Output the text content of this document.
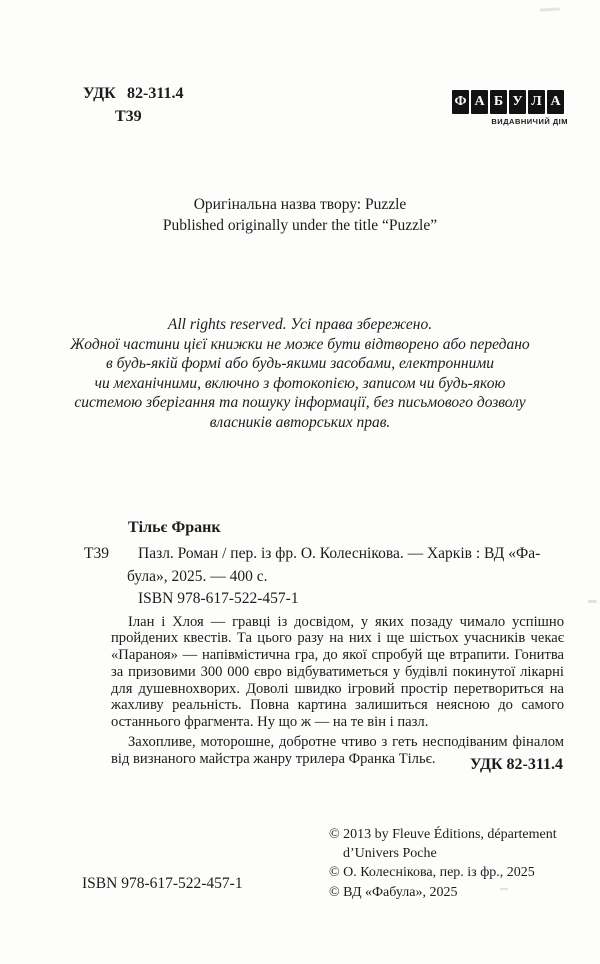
УДК 82-311.4
Т39
Ф А Б У Л А
ВИДАВНИЧИЙ ДІМ
Оригінальна назва твору: Puzzle
Published originally under the title “Puzzle”
All rights reserved. Усі права збережено.
Жодної частини цієї книжки не може бути відтворено або передано
в будь-якій формі або будь-якими засобами, електронними
чи механічними, включно з фотокопією, записом чи будь-якою
системою зберігання та пошуку інформації, без письмового дозволу
власників авторських прав.
Тільє Франк
Т39	Пазл. Роман / пер. із фр. О. Колеснікова. — Харків : ВД «Фа-
була», 2025. — 400 с.
ISBN 978-617-522-457-1

Ілан і Хлоя — гравці із досвідом, у яких позаду чимало успішно пройдених квестів. Та цього разу на них і ще шістьох учасників чекає «Параноя» — напівмістична гра, до якої спробуй ще втрапити. Гонитва за призовими 300 000 євро відбуватиметься у будівлі покинутої лікарні для душевнохворих. Доволі швидко ігровий простір перетвориться на жахливу реальність. Повна картина залишиться неясною до самого останнього фрагмента. Ну що ж — на те він і пазл.

Захопливе, моторошне, добротне чтиво з геть несподіваним фіналом від визнаного майстра жанру трилера Франка Тільє.	УДК 82-311.4
ISBN 978-617-522-457-1
© 2013 by Fleuve Éditions, département
d’Univers Poche
© О. Колеснікова, пер. із фр., 2025
© ВД «Фабула», 2025
